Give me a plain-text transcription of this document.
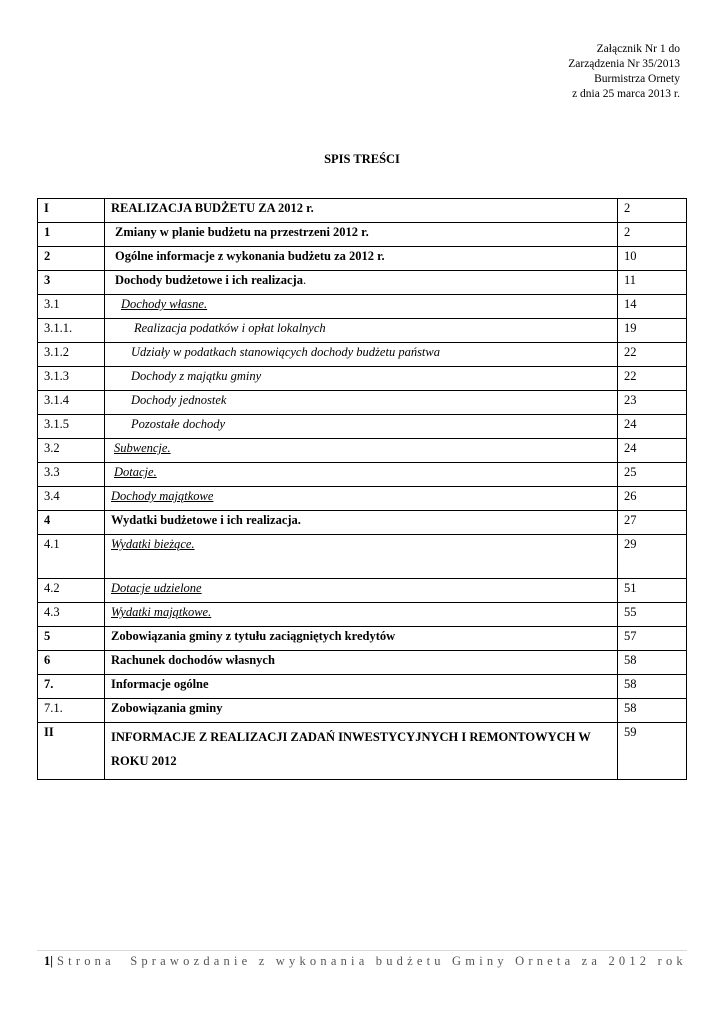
Załącznik Nr 1 do
Zarządzenia Nr 35/2013
Burmistrza Ornety
z dnia 25 marca 2013 r.
SPIS TREŚCI
I	REALIZACJA BUDŻETU ZA 2012 r.	2
1	Zmiany w planie budżetu na przestrzeni 2012 r.	2
2	Ogólne informacje z wykonania budżetu za 2012 r.	10
3	Dochody budżetowe i ich realizacja.	11
3.1	Dochody własne.	14
3.1.1.	Realizacja podatków i opłat lokalnych	19
3.1.2	Udziały w podatkach stanowiących dochody budżetu państwa	22
3.1.3	Dochody z majątku gminy	22
3.1.4	Dochody jednostek	23
3.1.5	Pozostałe dochody	24
3.2	Subwencje.	24
3.3	Dotacje.	25
3.4	Dochody majątkowe	26
4	Wydatki budżetowe i ich realizacja.	27
4.1	Wydatki bieżące.	29
4.2	Dotacje udzielone	51
4.3	Wydatki majątkowe.	55
5	Zobowiązania gminy z tytułu zaciągniętych kredytów	57
6	Rachunek dochodów własnych	58
7.	Informacje ogólne	58
7.1.	Zobowiązania gminy	58
II	INFORMACJE Z REALIZACJI ZADAŃ INWESTYCYJNYCH I REMONTOWYCH W ROKU 2012	59
1| Strona Sprawozdanie z wykonania budżetu Gminy Orneta za 2012 rok
